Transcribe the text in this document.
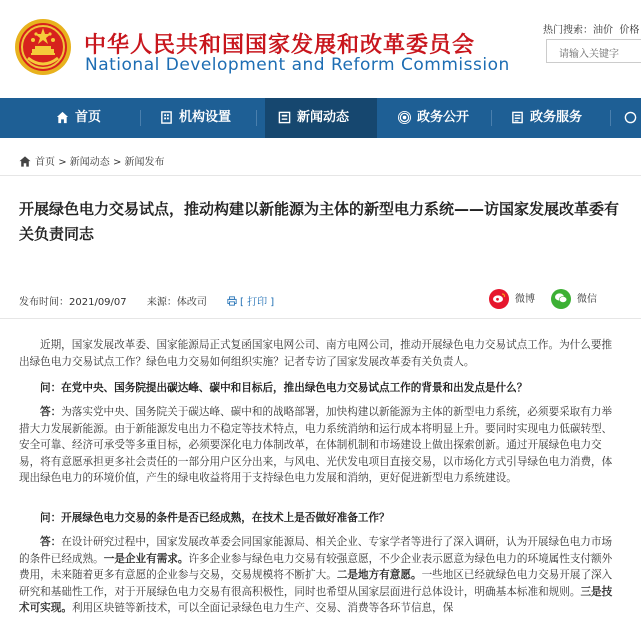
中华人民共和国国家发展和改革委员会
National Development and Reform Commission
热门搜索：油价 价格
请输入关键字
首页	机构设置	新闻动态	政务公开	政务服务
首页 > 新闻动态 > 新闻发布
开展绿色电力交易试点，推动构建以新能源为主体的新型电力系统——访国家发展改革委有关负责同志
发布时间：2021/09/07 来源：体改司	[ 打印 ]	微博	微信

近期，国家发展改革委、国家能源局正式复函国家电网公司、南方电网公司，推动开展绿色电力交易试点工作。为什么要推出绿色电力交易试点工作？绿色电力交易如何组织实施？记者专访了国家发展改革委有关负责人。

问：在党中央、国务院提出碳达峰、碳中和目标后，推出绿色电力交易试点工作的背景和出发点是什么？

答：为落实党中央、国务院关于碳达峰、碳中和的战略部署，加快构建以新能源为主体的新型电力系统，必须要采取有力举措大力发展新能源。由于新能源发电出力不稳定等技术特点，电力系统消纳和运行成本将明显上升。要同时实现电力低碳转型、安全可靠、经济可承受等多重目标，必须要深化电力体制改革，在体制机制和市场建设上做出探索创新。通过开展绿色电力交易，将有意愿承担更多社会责任的一部分用户区分出来，与风电、光伏发电项目直接交易，以市场化方式引导绿色电力消费，体现出绿色电力的环境价值，产生的绿电收益将用于支持绿色电力发展和消纳，更好促进新型电力系统建设。

问：开展绿色电力交易的条件是否已经成熟，在技术上是否做好准备工作？

答：在设计研究过程中，国家发展改革委会同国家能源局、相关企业、专家学者等进行了深入调研，认为开展绿色电力市场的条件已经成熟。一是企业有需求。许多企业参与绿色电力交易有较强意愿，不少企业表示愿意为绿色电力的环境属性支付额外费用，未来随着更多有意愿的企业参与交易，交易规模将不断扩大。二是地方有意愿。一些地区已经就绿色电力交易开展了深入研究和基础性工作，对于开展绿色电力交易有很高积极性，同时也希望从国家层面进行总体设计，明确基本标准和规则。三是技术可实现。利用区块链等新技术，可以全面记录绿色电力生产、交易、消费等各环节信息，保
